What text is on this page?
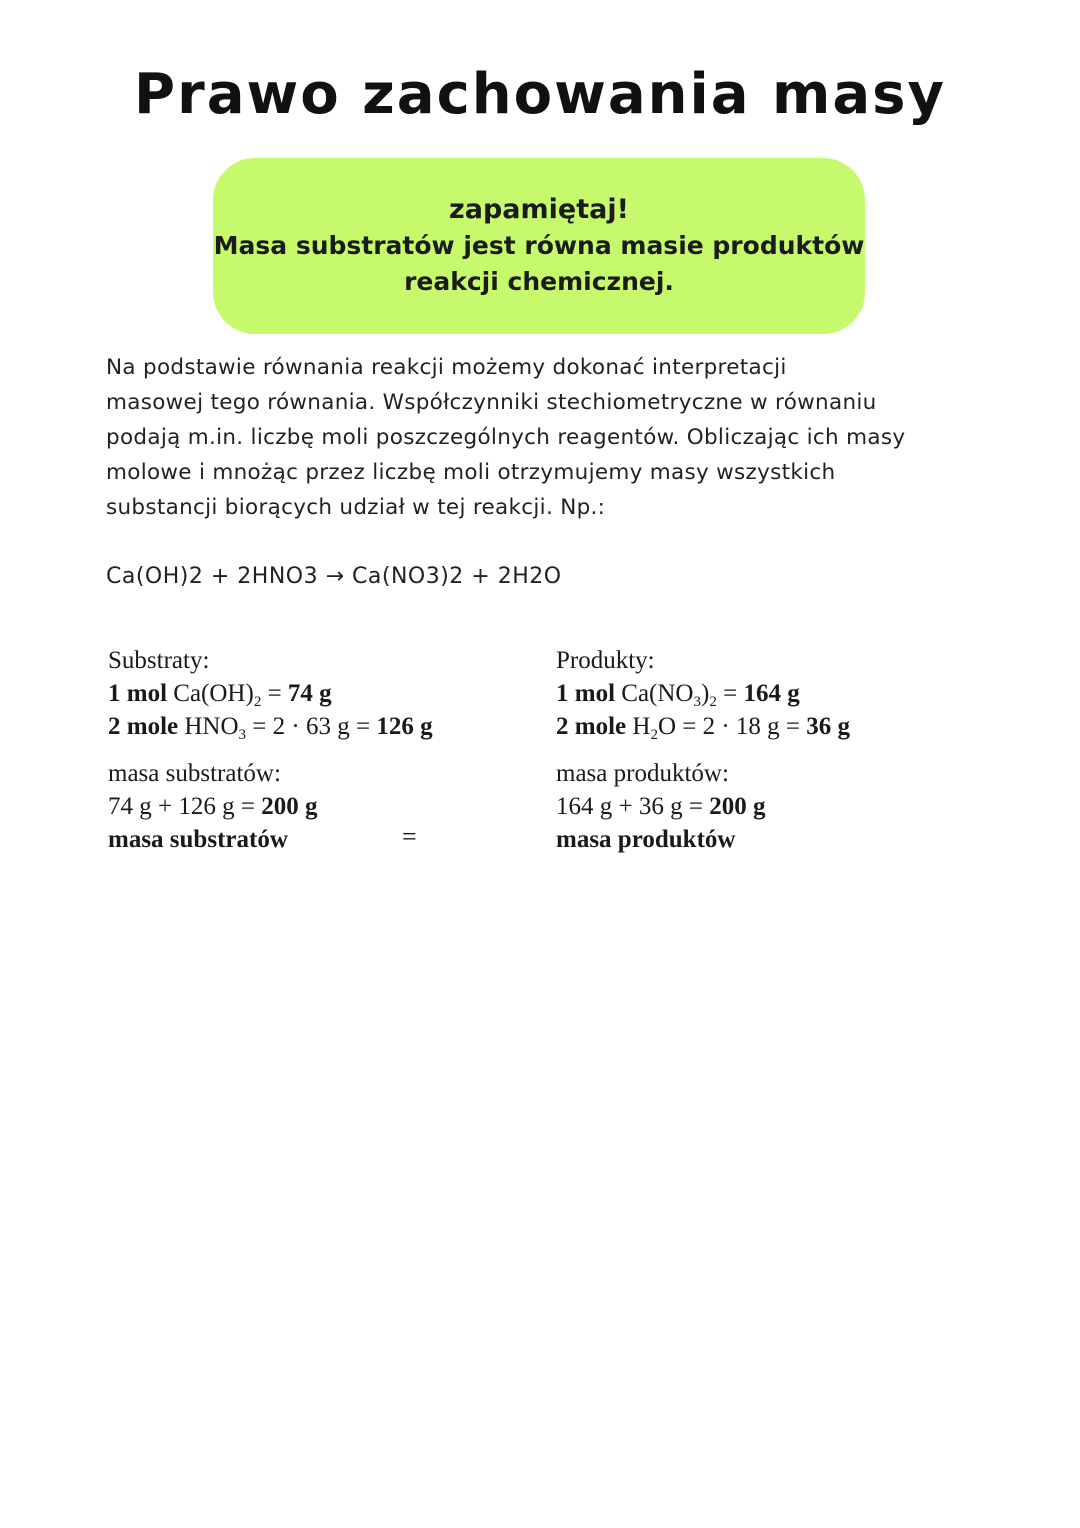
Prawo zachowania masy
zapamiętaj!
Masa substratów jest równa masie produktów
reakcji chemicznej.
Na podstawie równania reakcji możemy dokonać interpretacji
masowej tego równania. Współczynniki stechiometryczne w równaniu
podają m.in. liczbę moli poszczególnych reagentów. Obliczając ich masy
molowe i mnożąc przez liczbę moli otrzymujemy masy wszystkich
substancji biorących udział w tej reakcji. Np.:
Ca(OH)2 + 2HNO3 → Ca(NO3)2 + 2H2O
Substraty:
1 mol $Ca(OH)_2 = 74$ g
2 mole $HNO_3 = 2 \cdot 63$ g = 126 g
masa substratów:
74 g + 126 g = 200 g
masa substratów	=
Produkty:
1 mol $Ca(NO_3)_2 = 164$ g
2 mole $H_2O = 2 \cdot 18$ g = 36 g
masa produktów:
164 g + 36 g = 200 g
masa produktów
